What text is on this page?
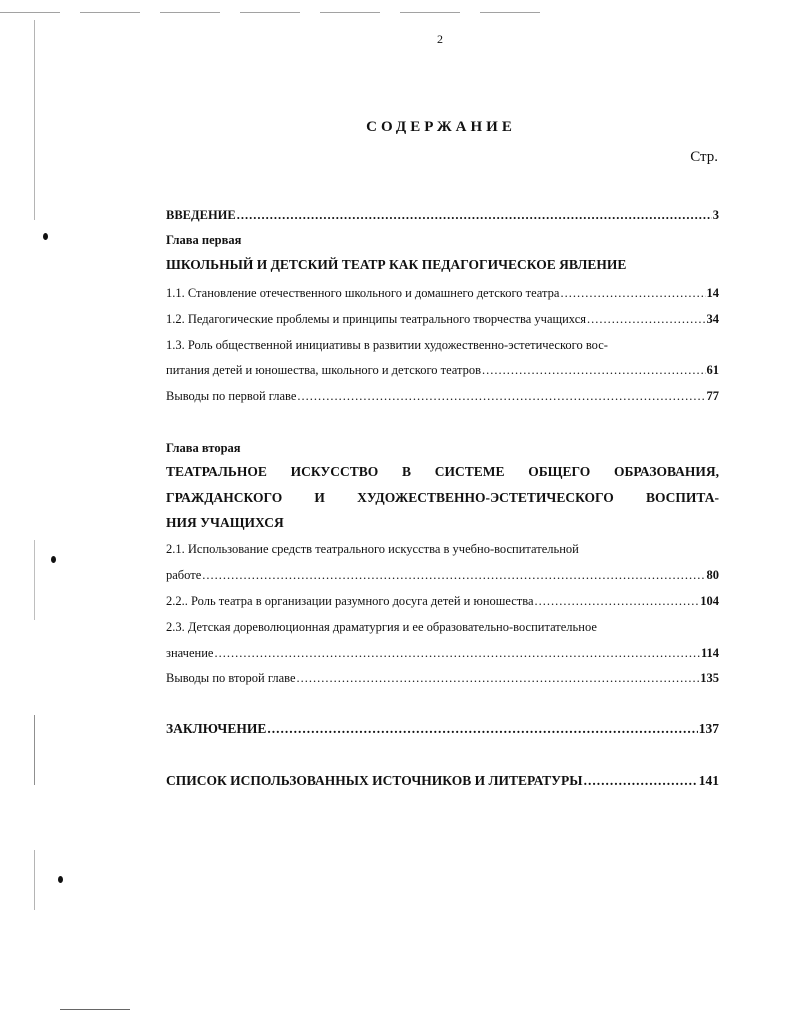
2
СОДЕРЖАНИЕ
Стр.
ВВЕДЕНИЕ .....	3
Глава первая
ШКОЛЬНЫЙ И ДЕТСКИЙ ТЕАТР КАК ПЕДАГОГИЧЕСКОЕ ЯВЛЕНИЕ
1.1. Становление отечественного школьного и домашнего детского театра .....	14
1.2. Педагогические проблемы и принципы театрального творчества учащихся .....	34
1.3. Роль общественной инициативы в развитии художественно-эстетического вос-
питания детей и юношества, школьного и детского театров .....	61
Выводы по первой главе .....	77
Глава вторая
ТЕАТРАЛЬНОЕ ИСКУССТВО В СИСТЕМЕ ОБЩЕГО ОБРАЗОВАНИЯ,
ГРАЖДАНСКОГО И ХУДОЖЕСТВЕННО-ЭСТЕТИЧЕСКОГО ВОСПИТА-
НИЯ УЧАЩИХСЯ
2.1. Использование средств театрального искусства в учебно-воспитательной
работе .....	80
2.2.. Роль театра в организации разумного досуга детей и юношества .....	104
2.3. Детская дореволюционная драматургия и ее образовательно-воспитательное
значение .....	114
Выводы по второй главе .....	135
ЗАКЛЮЧЕНИЕ .....	137
СПИСОК ИСПОЛЬЗОВАННЫХ ИСТОЧНИКОВ И ЛИТЕРАТУРЫ .....	141
